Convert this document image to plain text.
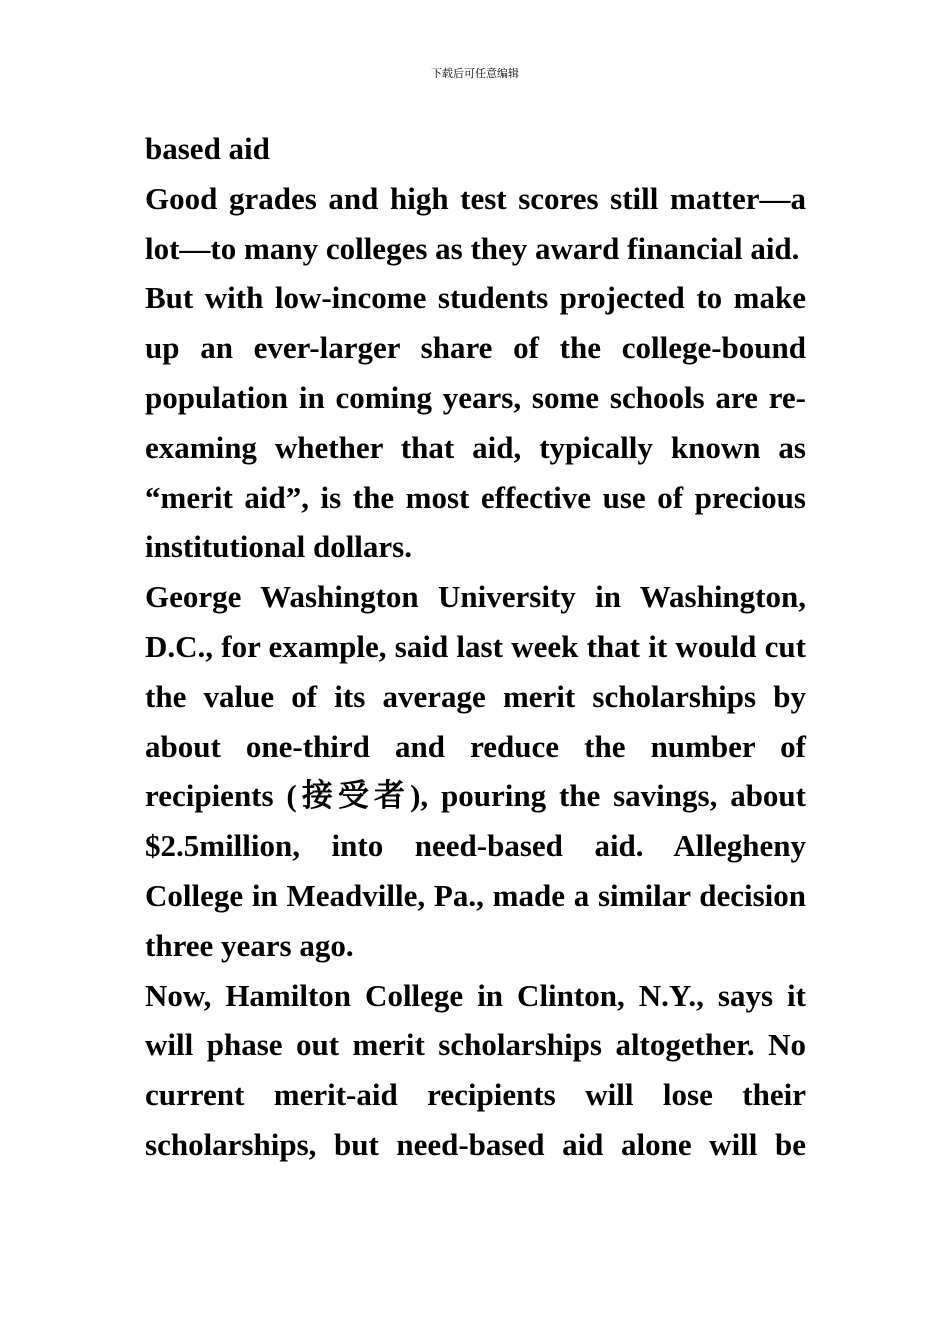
下载后可任意编辑

based aid

Good grades and high test scores still matter—a lot—to many colleges as they award financial aid.

But with low-income students projected to make up an ever-larger share of the college-bound population in coming years, some schools are re-examing whether that aid, typically known as “merit aid”, is the most effective use of precious institutional dollars.

George Washington University in Washington, D.C., for example, said last week that it would cut the value of its average merit scholarships by about one-third and reduce the number of recipients (接受者), pouring the savings, about $2.5million, into need-based aid. Allegheny College in Meadville, Pa., made a similar decision three years ago.

Now, Hamilton College in Clinton, N.Y., says it will phase out merit scholarships altogether. No current merit-aid recipients will lose their scholarships, but need-based aid alone will be
